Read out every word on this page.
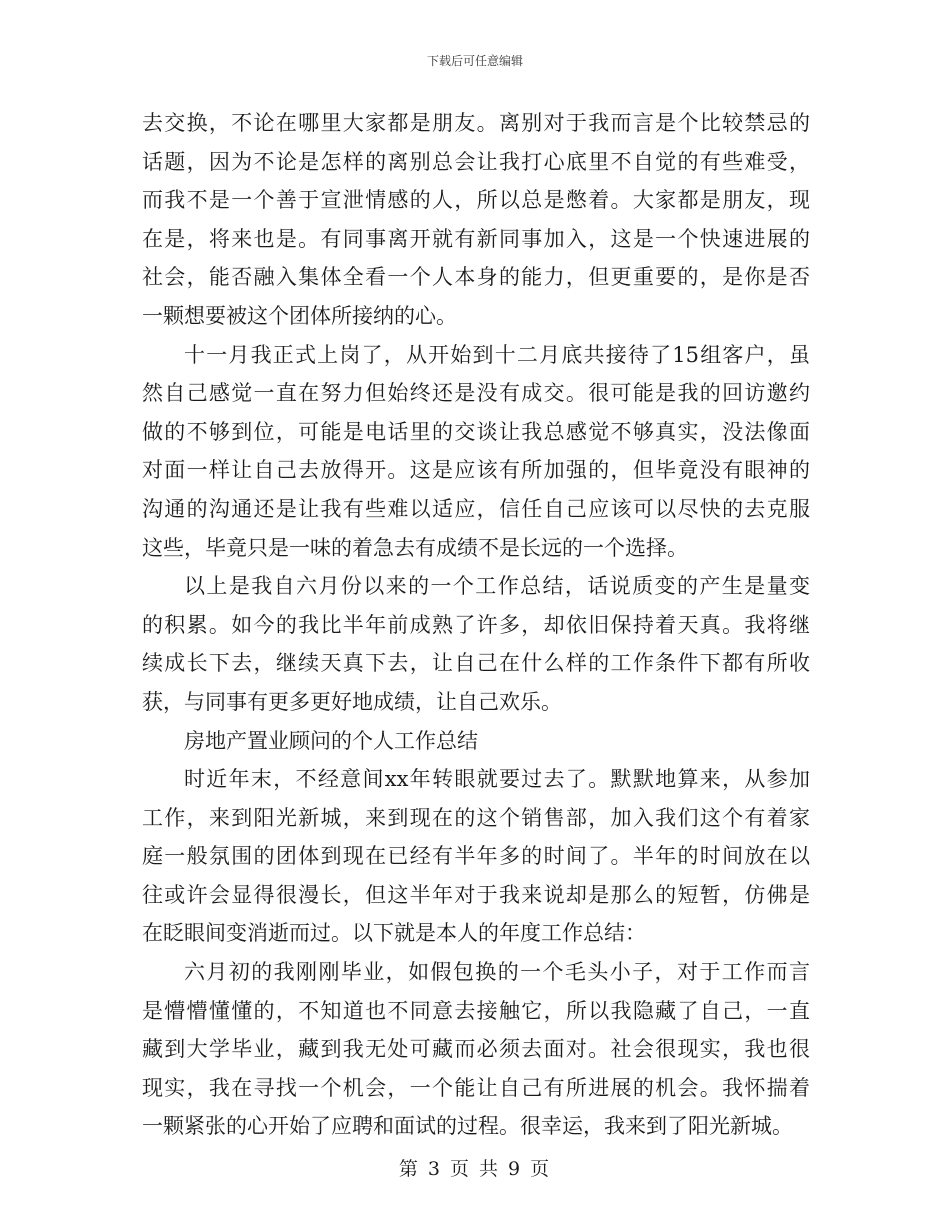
下载后可任意编辑

去交换，不论在哪里大家都是朋友。离别对于我而言是个比较禁忌的
话题，因为不论是怎样的离别总会让我打心底里不自觉的有些难受，
而我不是一个善于宣泄情感的人，所以总是憋着。大家都是朋友，现
在是，将来也是。有同事离开就有新同事加入，这是一个快速进展的
社会，能否融入集体全看一个人本身的能力，但更重要的，是你是否
一颗想要被这个团体所接纳的心。

十一月我正式上岗了，从开始到十二月底共接待了15组客户，虽
然自己感觉一直在努力但始终还是没有成交。很可能是我的回访邀约
做的不够到位，可能是电话里的交谈让我总感觉不够真实，没法像面
对面一样让自己去放得开。这是应该有所加强的，但毕竟没有眼神的
沟通的沟通还是让我有些难以适应，信任自己应该可以尽快的去克服
这些，毕竟只是一味的着急去有成绩不是长远的一个选择。

以上是我自六月份以来的一个工作总结，话说质变的产生是量变
的积累。如今的我比半年前成熟了许多，却依旧保持着天真。我将继
续成长下去，继续天真下去，让自己在什么样的工作条件下都有所收
获，与同事有更多更好地成绩，让自己欢乐。

房地产置业顾问的个人工作总结

时近年末，不经意间xx年转眼就要过去了。默默地算来，从参加
工作，来到阳光新城，来到现在的这个销售部，加入我们这个有着家
庭一般氛围的团体到现在已经有半年多的时间了。半年的时间放在以
往或许会显得很漫长，但这半年对于我来说却是那么的短暂，仿佛是
在眨眼间变消逝而过。以下就是本人的年度工作总结：

六月初的我刚刚毕业，如假包换的一个毛头小子，对于工作而言
是懵懵懂懂的，不知道也不同意去接触它，所以我隐藏了自己，一直
藏到大学毕业，藏到我无处可藏而必须去面对。社会很现实，我也很
现实，我在寻找一个机会，一个能让自己有所进展的机会。我怀揣着
一颗紧张的心开始了应聘和面试的过程。很幸运，我来到了阳光新城。

第 3 页 共 9 页
